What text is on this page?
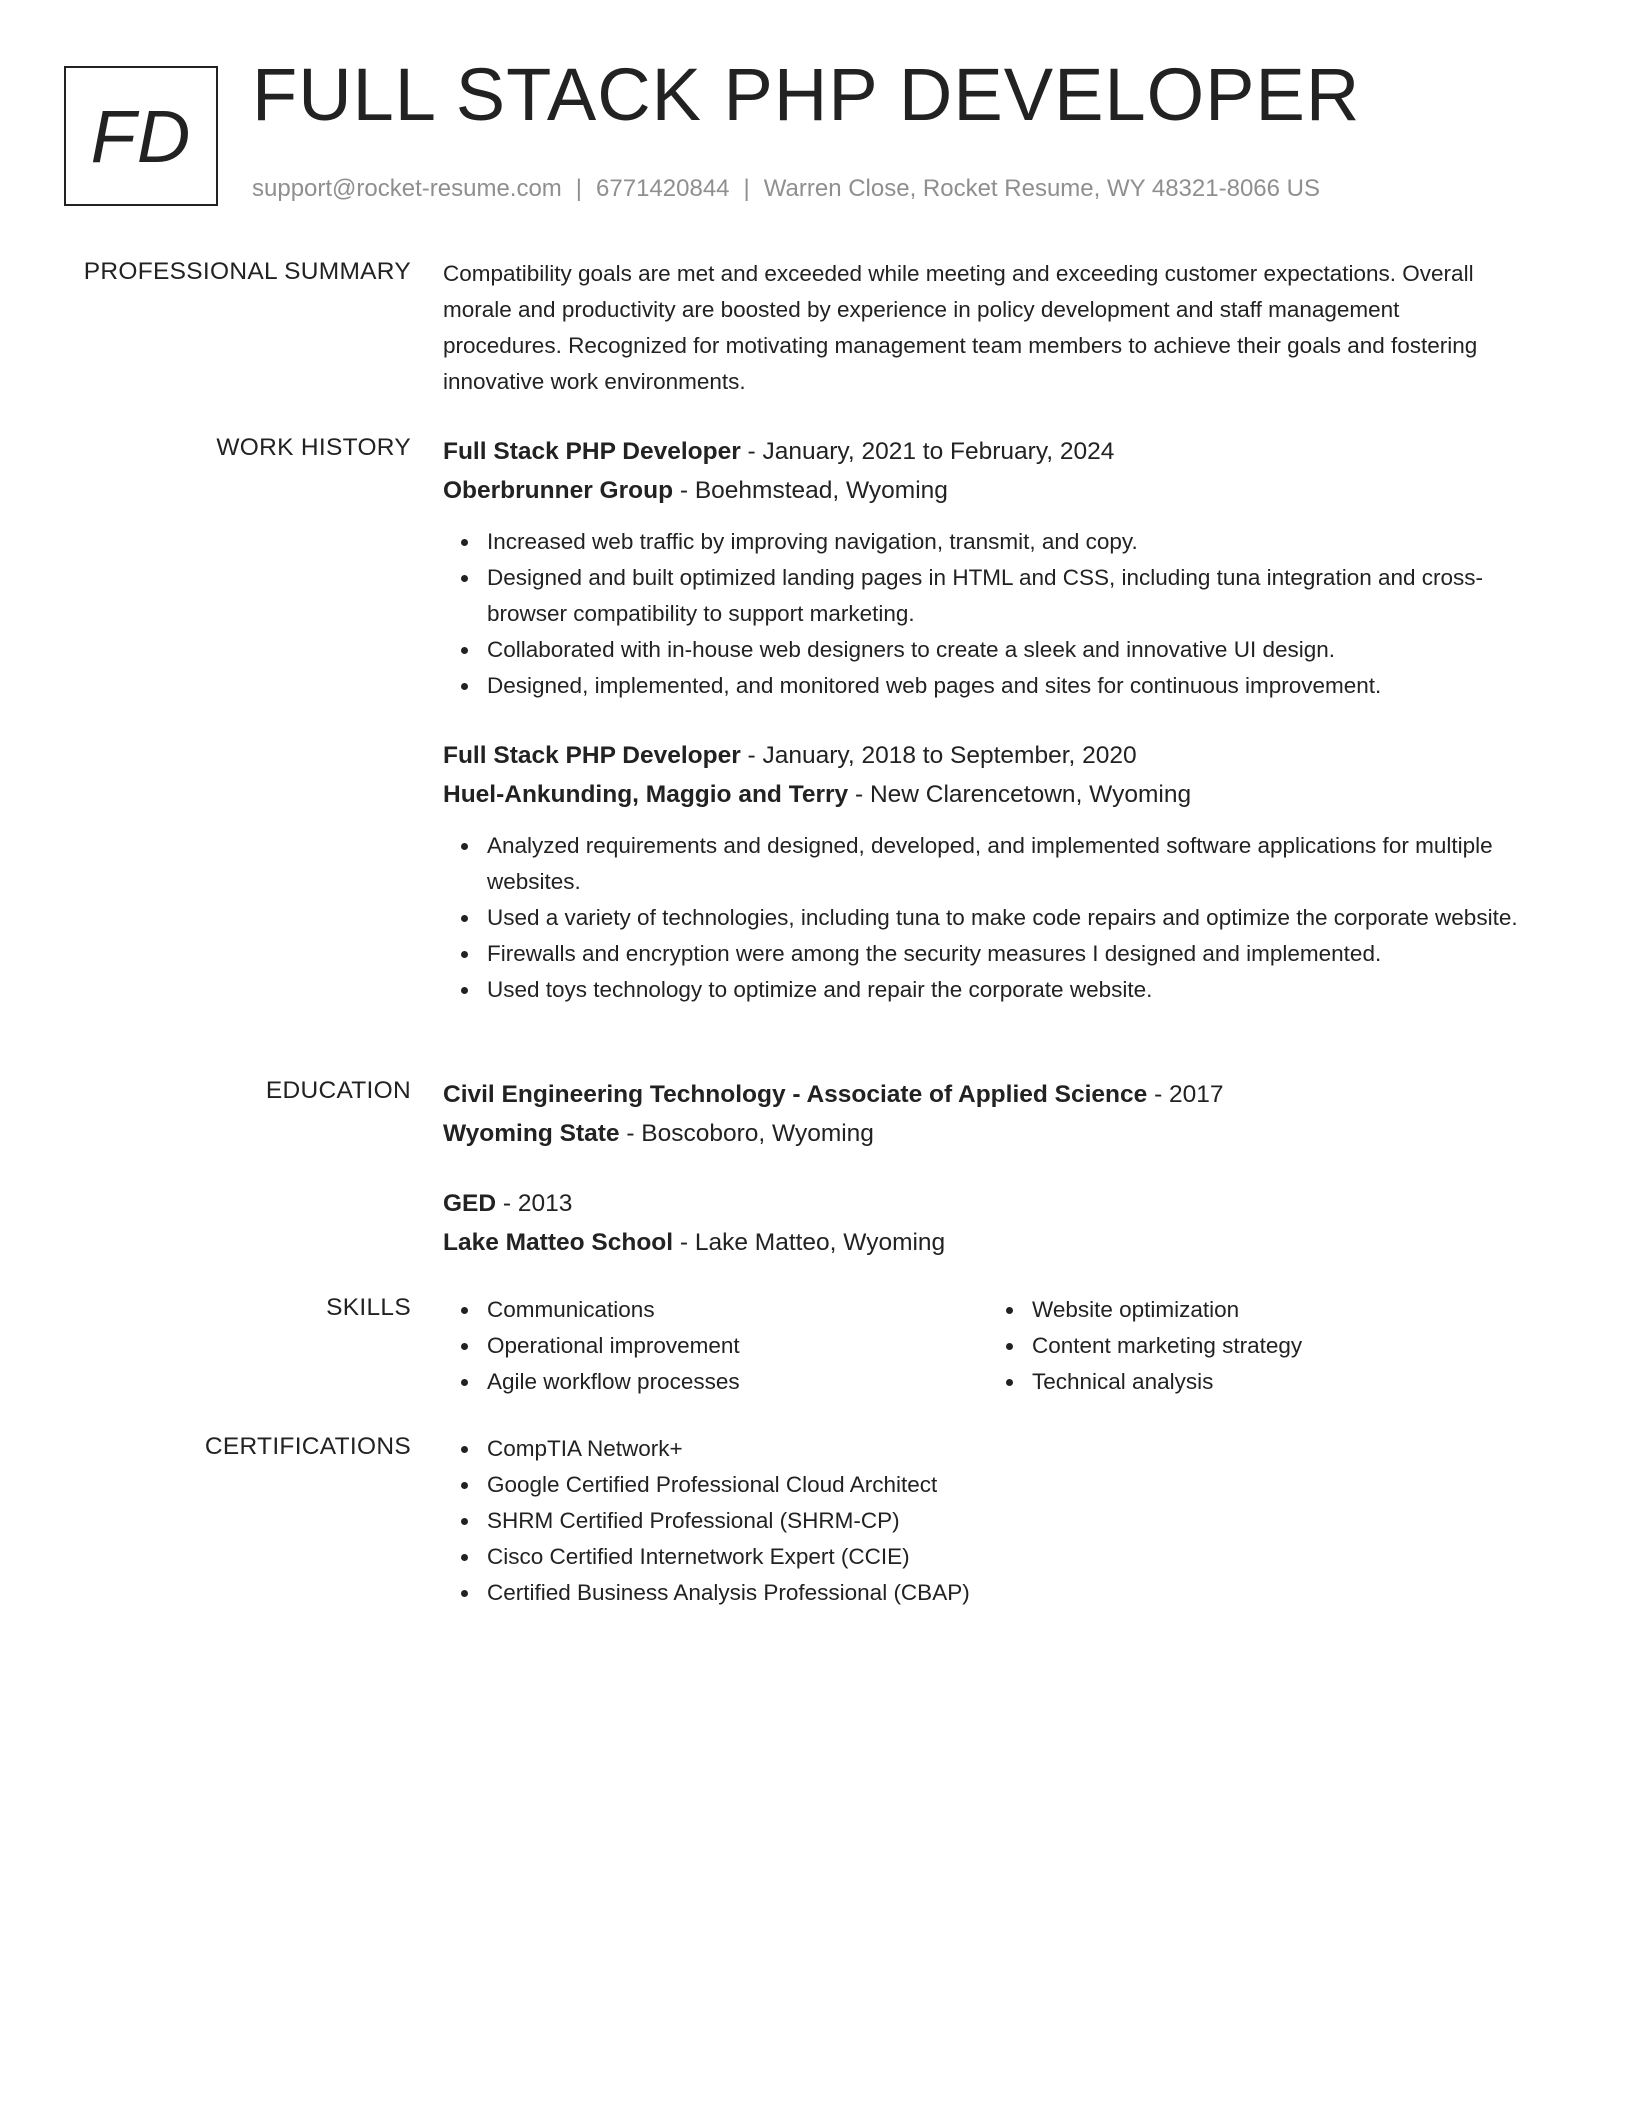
FD FULL STACK PHP DEVELOPER
support@rocket-resume.com | 6771420844 | Warren Close, Rocket Resume, WY 48321-8066 US
PROFESSIONAL SUMMARY Compatibility goals are met and exceeded while meeting and exceeding customer expectations. Overall morale and productivity are boosted by experience in policy development and staff management procedures. Recognized for motivating management team members to achieve their goals and fostering innovative work environments.

WORK HISTORY Full Stack PHP Developer - January, 2021 to February, 2024

Oberbrunner Group - Boehmstead, Wyoming

Increased web traffic by improving navigation, transmit, and copy.
Designed and built optimized landing pages in HTML and CSS, including tuna integration and cross-browser compatibility to support marketing.
Collaborated with in-house web designers to create a sleek and innovative UI design.
Designed, implemented, and monitored web pages and sites for continuous improvement.

Full Stack PHP Developer - January, 2018 to September, 2020

Huel-Ankunding, Maggio and Terry - New Clarencetown, Wyoming

Analyzed requirements and designed, developed, and implemented software applications for multiple websites.
Used a variety of technologies, including tuna to make code repairs and optimize the corporate website.
Firewalls and encryption were among the security measures I designed and implemented.
Used toys technology to optimize and repair the corporate website.
EDUCATION Civil Engineering Technology - Associate of Applied Science - 2017

Wyoming State - Boscoboro, Wyoming

GED - 2013

Lake Matteo School - Lake Matteo, Wyoming

SKILLS	Communications
Operational improvement
Agile workflow processes
Website optimization
Content marketing strategy
Technical analysis
CERTIFICATIONS	CompTIA Network+
Google Certified Professional Cloud Architect
SHRM Certified Professional (SHRM-CP)
Cisco Certified Internetwork Expert (CCIE)
Certified Business Analysis Professional (CBAP)
